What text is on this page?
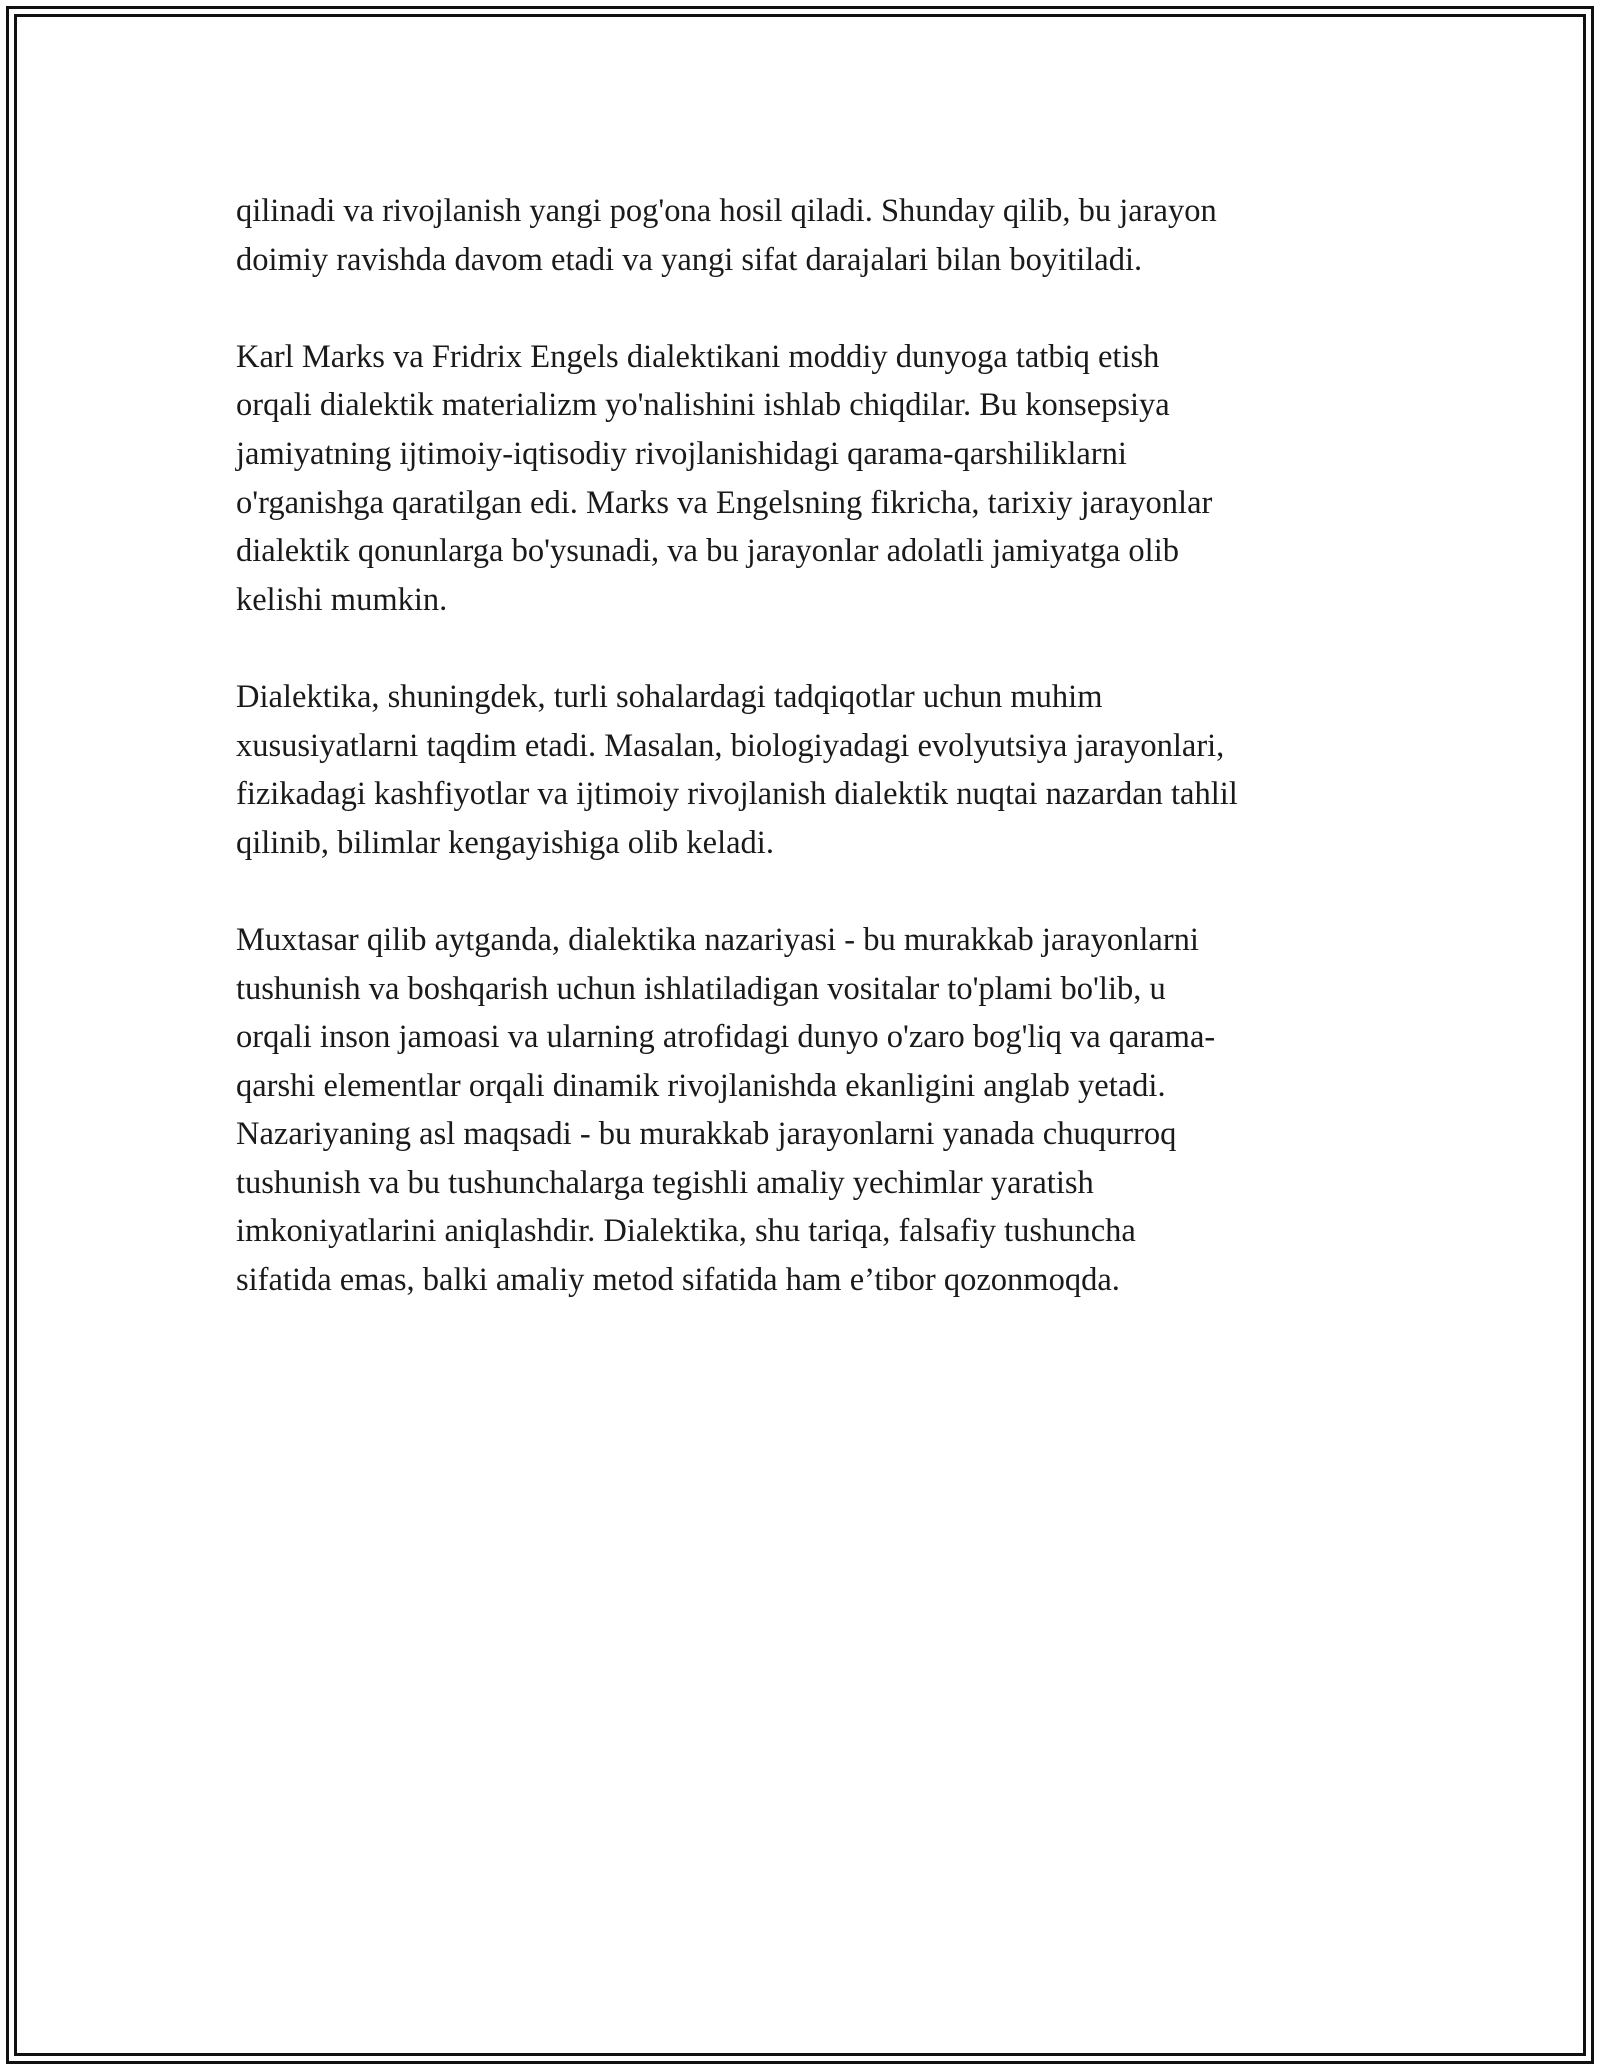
qilinadi va rivojlanish yangi pog'ona hosil qiladi. Shunday qilib, bu jarayon
doimiy ravishda davom etadi va yangi sifat darajalari bilan boyitiladi.

Karl Marks va Fridrix Engels dialektikani moddiy dunyoga tatbiq etish
orqali dialektik materializm yo'nalishini ishlab chiqdilar. Bu konsepsiya
jamiyatning ijtimoiy-iqtisodiy rivojlanishidagi qarama-qarshiliklarni
o'rganishga qaratilgan edi. Marks va Engelsning fikricha, tarixiy jarayonlar
dialektik qonunlarga bo'ysunadi, va bu jarayonlar adolatli jamiyatga olib
kelishi mumkin.

Dialektika, shuningdek, turli sohalardagi tadqiqotlar uchun muhim
xususiyatlarni taqdim etadi. Masalan, biologiyadagi evolyutsiya jarayonlari,
fizikadagi kashfiyotlar va ijtimoiy rivojlanish dialektik nuqtai nazardan tahlil
qilinib, bilimlar kengayishiga olib keladi.

Muxtasar qilib aytganda, dialektika nazariyasi - bu murakkab jarayonlarni
tushunish va boshqarish uchun ishlatiladigan vositalar to'plami bo'lib, u
orqali inson jamoasi va ularning atrofidagi dunyo o'zaro bog'liq va qarama-
qarshi elementlar orqali dinamik rivojlanishda ekanligini anglab yetadi.
Nazariyaning asl maqsadi - bu murakkab jarayonlarni yanada chuqurroq
tushunish va bu tushunchalarga tegishli amaliy yechimlar yaratish
imkoniyatlarini aniqlashdir. Dialektika, shu tariqa, falsafiy tushuncha
sifatida emas, balki amaliy metod sifatida ham e’tibor qozonmoqda.
